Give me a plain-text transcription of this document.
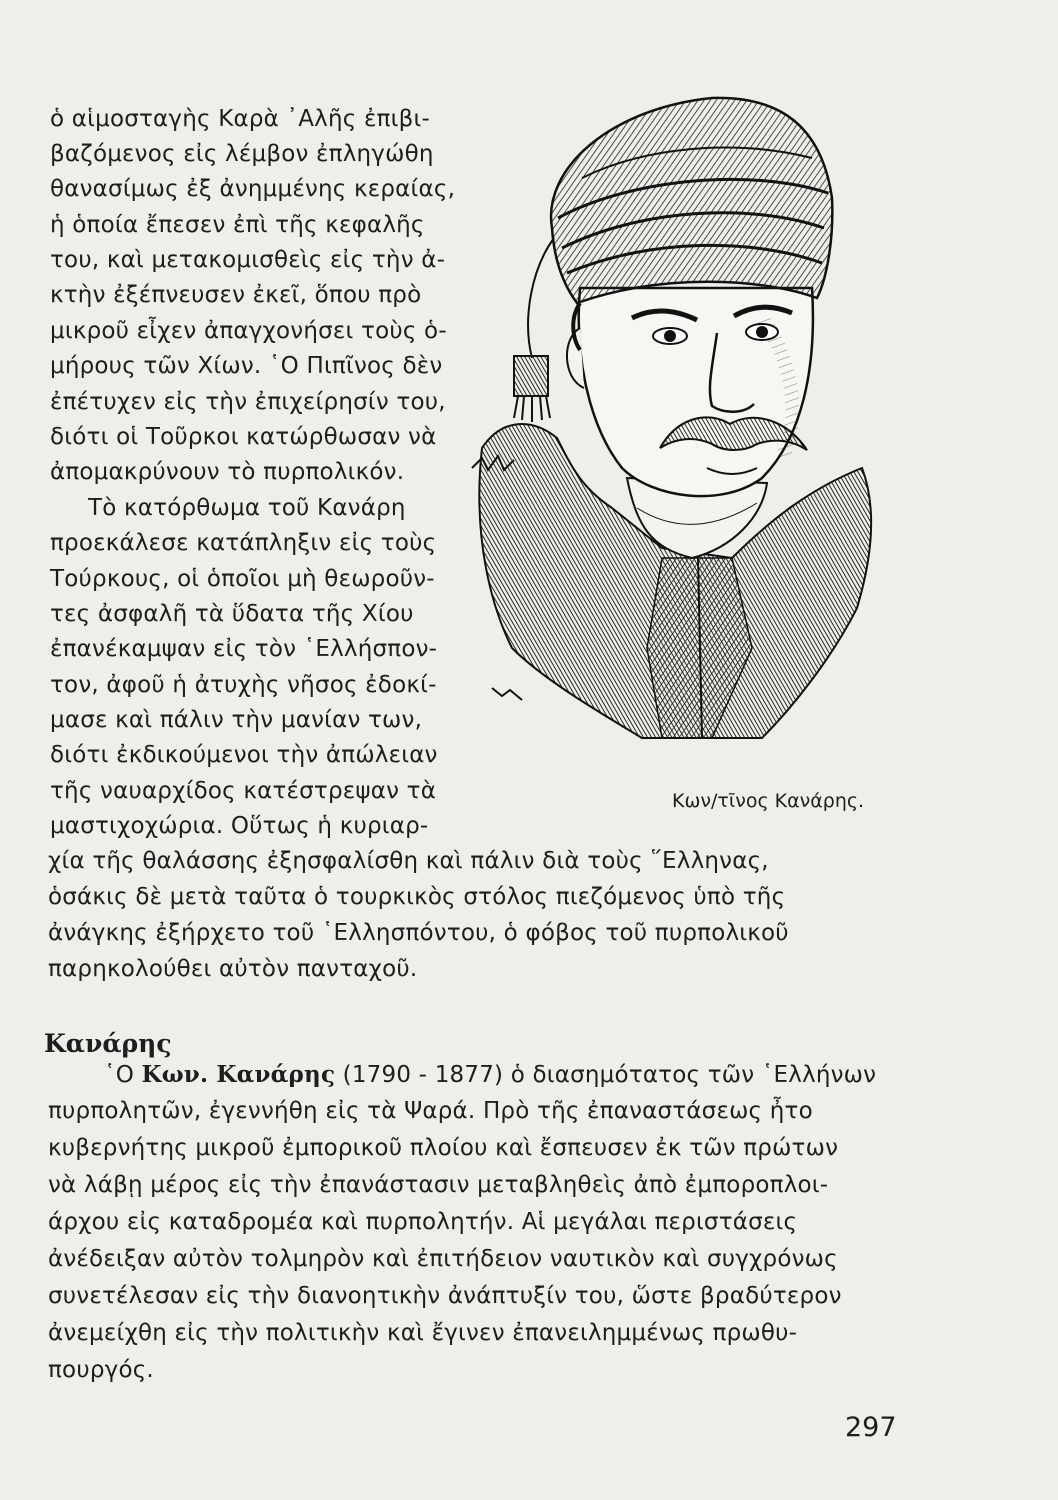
ὁ αἱμοσταγὴς Καρὰ ᾿Αλῆς ἐπιβι-

βαζόμενος εἰς λέμβον ἐπληγώθη

θανασίμως ἐξ ἀνημμένης κεραίας,

ἡ ὁποία ἔπεσεν ἐπὶ τῆς κεφαλῆς

του, καὶ μετακομισθεὶς εἰς τὴν ἀ-

κτὴν ἐξέπνευσεν ἐκεῖ, ὅπου πρὸ

μικροῦ εἶχεν ἀπαγχονήσει τοὺς ὁ-

μήρους τῶν Χίων. ῾Ο Πιπῖνος δὲν

ἐπέτυχεν εἰς τὴν ἐπιχείρησίν του,

διότι οἱ Τοῦρκοι κατώρθωσαν νὰ

ἀπομακρύνουν τὸ πυρπολικόν.

Τὸ κατόρθωμα τοῦ Κανάρη

προεκάλεσε κατάπληξιν εἰς τοὺς

Τούρκους, οἱ ὁποῖοι μὴ θεωροῦν-

τες ἀσφαλῆ τὰ ὕδατα τῆς Χίου

ἐπανέκαμψαν εἰς τὸν ῾Ελλήσπον-

τον, ἀφοῦ ἡ ἀτυχὴς νῆσος ἐδοκί-

μασε καὶ πάλιν τὴν μανίαν των,

διότι ἐκδικούμενοι τὴν ἀπώλειαν

τῆς ναυαρχίδος κατέστρεψαν τὰ

μαστιχοχώρια. Οὕτως ἡ κυριαρ-

Κων/τῖνος Κανάρης.

χία τῆς θαλάσσης ἐξησφαλίσθη καὶ πάλιν διὰ τοὺς ῞Ελληνας,

ὁσάκις δὲ μετὰ ταῦτα ὁ τουρκικὸς στόλος πιεζόμενος ὑπὸ τῆς

ἀνάγκης ἐξήρχετο τοῦ ῾Ελλησπόντου, ὁ φόβος τοῦ πυρπολικοῦ

παρηκολούθει αὐτὸν πανταχοῦ.

Κανάρης

῾Ο Κων. Κανάρης (1790 - 1877) ὁ διασημότατος τῶν ῾Ελλήνων

πυρπολητῶν, ἐγεννήθη εἰς τὰ Ψαρά. Πρὸ τῆς ἐπαναστάσεως ἦτο

κυβερνήτης μικροῦ ἐμπορικοῦ πλοίου καὶ ἔσπευσεν ἐκ τῶν πρώτων

νὰ λάβῃ μέρος εἰς τὴν ἐπανάστασιν μεταβληθεὶς ἀπὸ ἐμποροπλοι-

άρχου εἰς καταδρομέα καὶ πυρπολητήν. Αἱ μεγάλαι περιστάσεις

ἀνέδειξαν αὐτὸν τολμηρὸν καὶ ἐπιτήδειον ναυτικὸν καὶ συγχρόνως

συνετέλεσαν εἰς τὴν διανοητικὴν ἀνάπτυξίν του, ὥστε βραδύτερον

ἀνεμείχθη εἰς τὴν πολιτικὴν καὶ ἔγινεν ἐπανειλημμένως πρωθυ-

πουργός.

297
